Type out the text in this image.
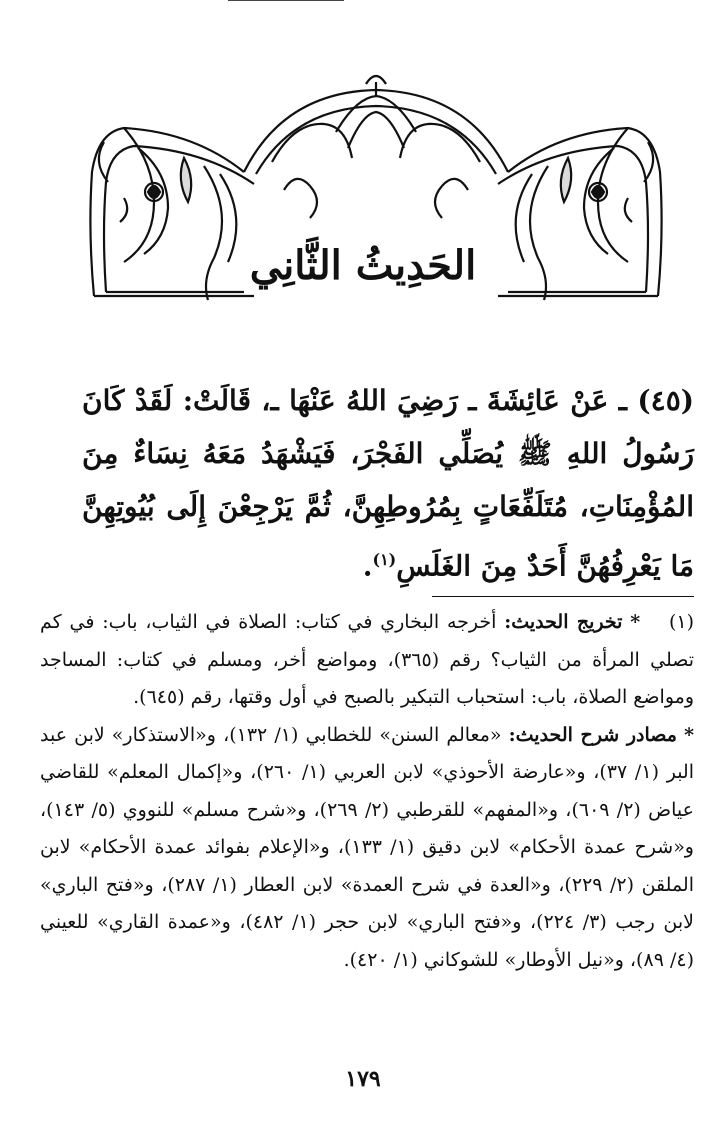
الحَدِيثُ الثَّانِي
(٤٥) ـ عَنْ عَائِشَةَ ـ رَضِيَ اللهُ عَنْهَا ـ، قَالَتْ: لَقَدْ كَانَ رَسُولُ اللهِ ﷺ يُصَلِّي الفَجْرَ، فَيَشْهَدُ مَعَهُ نِسَاءٌ مِنَ المُؤْمِنَاتِ، مُتَلَفِّعَاتٍ بِمُرُوطِهِنَّ، ثُمَّ يَرْجِعْنَ إِلَى بُيُوتِهِنَّ مَا يَعْرِفُهُنَّ أَحَدٌ مِنَ الغَلَسِ$^{(١)}$.
(١) * تخريج الحديث: أخرجه البخاري في كتاب: الصلاة في الثياب، باب: في كم تصلي المرأة من الثياب؟ رقم (٣٦٥)، ومواضع أخر، ومسلم في كتاب: المساجد ومواضع الصلاة، باب: استحباب التبكير بالصبح في أول وقتها، رقم (٦٤٥).
* مصادر شرح الحديث: «معالم السنن» للخطابي (١/ ١٣٢)، و«الاستذكار» لابن عبد البر (١/ ٣٧)، و«عارضة الأحوذي» لابن العربي (١/ ٢٦٠)، و«إكمال المعلم» للقاضي عياض (٢/ ٦٠٩)، و«المفهم» للقرطبي (٢/ ٢٦٩)، و«شرح مسلم» للنووي (٥/ ١٤٣)، و«شرح عمدة الأحكام» لابن دقيق (١/ ١٣٣)، و«الإعلام بفوائد عمدة الأحكام» لابن الملقن (٢/ ٢٢٩)، و«العدة في شرح العمدة» لابن العطار (١/ ٢٨٧)، و«فتح الباري» لابن رجب (٣/ ٢٢٤)، و«فتح الباري» لابن حجر (١/ ٤٨٢)، و«عمدة القاري» للعيني (٤/ ٨٩)، و«نيل الأوطار» للشوكاني (١/ ٤٢٠).
١٧٩
